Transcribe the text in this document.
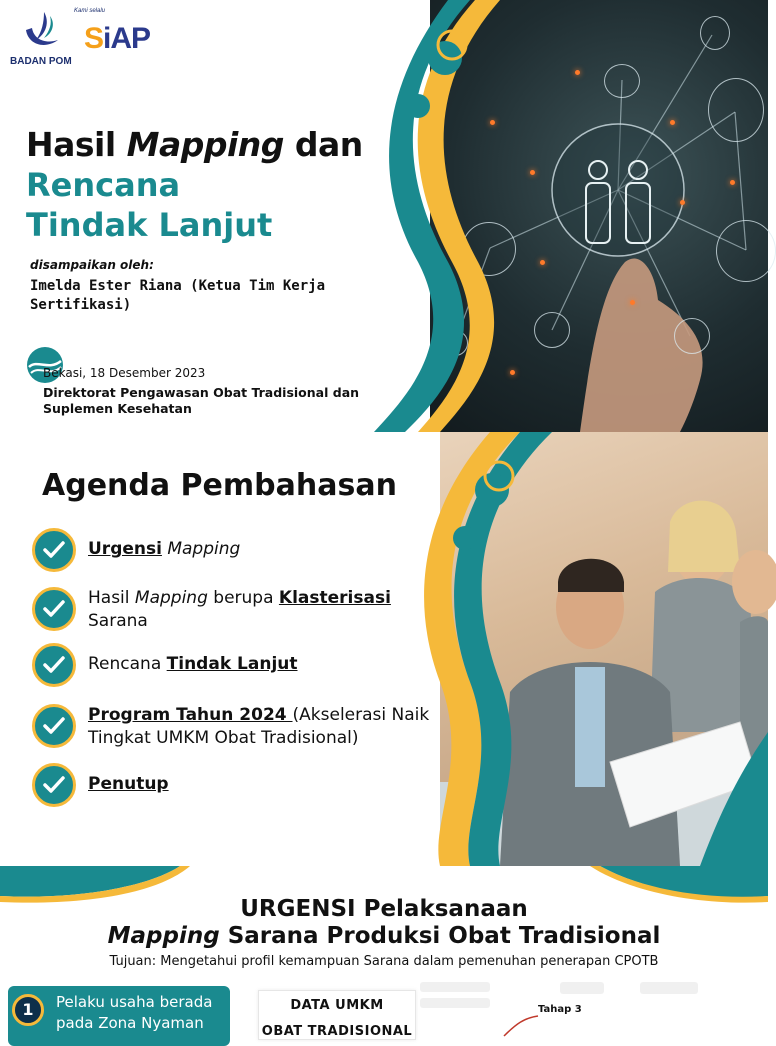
BADAN POM
Kami selalu
SiAP
Hasil Mapping dan
Rencana
Tindak Lanjut
disampaikan oleh:
Imelda Ester Riana (Ketua Tim Kerja Sertifikasi)
Bekasi, 18 Desember 2023
Direktorat Pengawasan Obat Tradisional dan Suplemen Kesehatan
Agenda Pembahasan
Urgensi Mapping
Hasil Mapping berupa Klasterisasi Sarana
Rencana Tindak Lanjut
Program Tahun 2024 (Akselerasi Naik Tingkat UMKM Obat Tradisional)
Penutup
URGENSI Pelaksanaan
Mapping Sarana Produksi Obat Tradisional
Tujuan: Mengetahui profil kemampuan Sarana dalam pemenuhan penerapan CPOTB
1	Pelaku usaha berada pada Zona Nyaman
DATA UMKM
OBAT TRADISIONAL
Tahap 3
